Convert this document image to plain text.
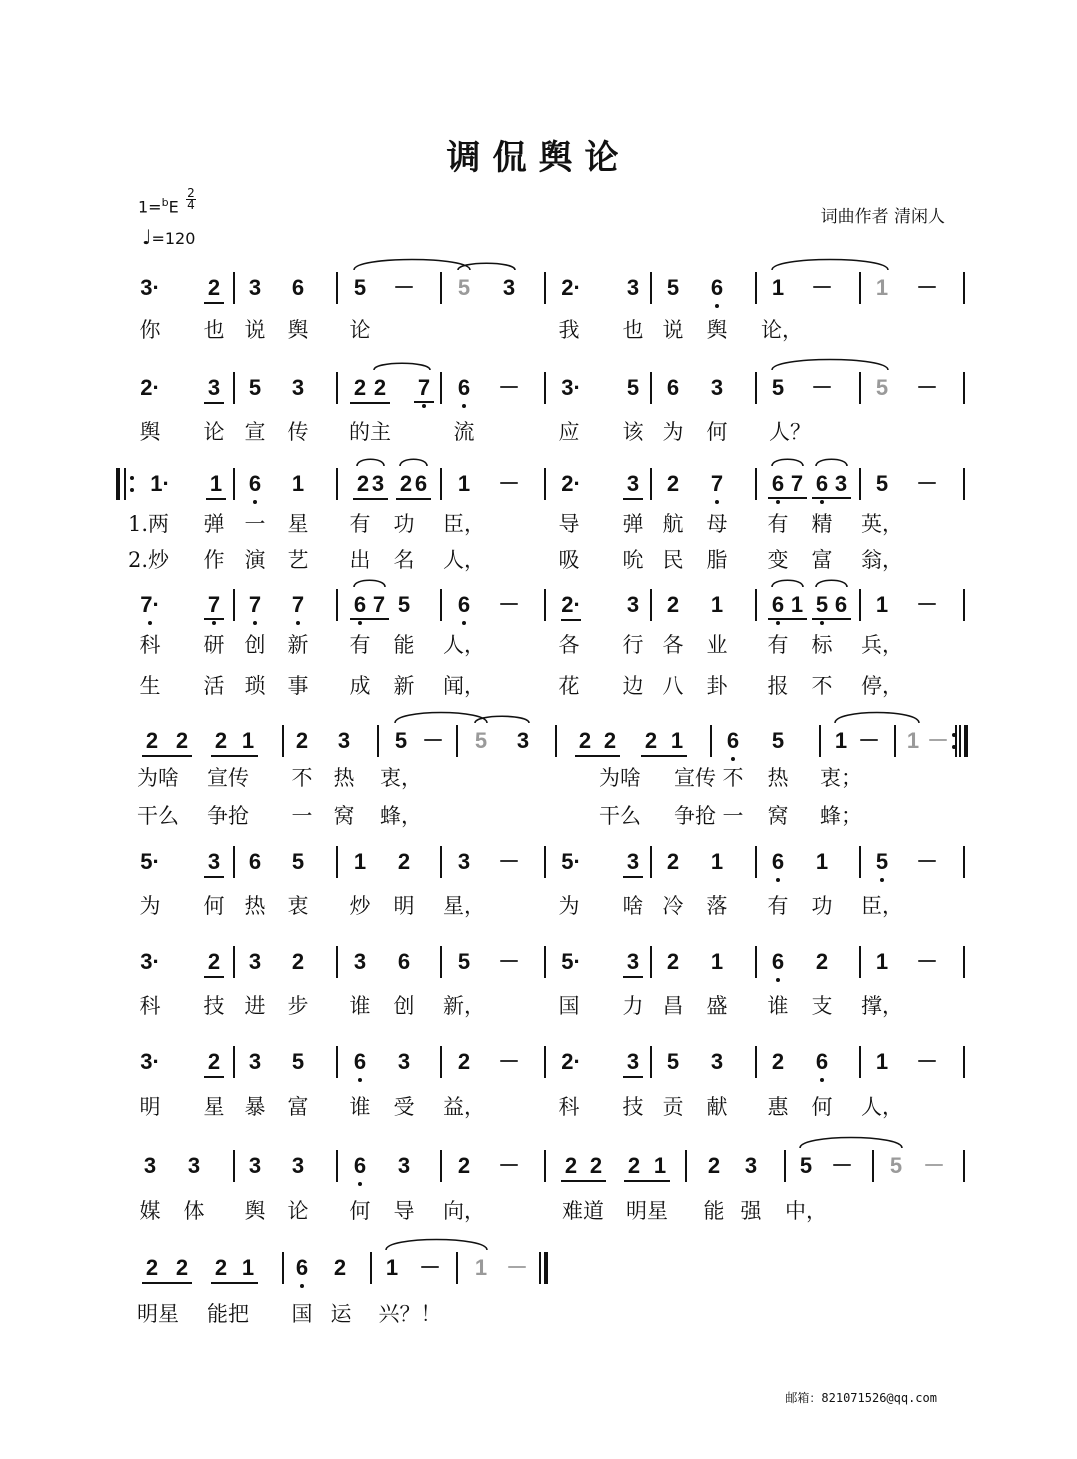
调侃舆论
1=$^b$E
2
4
♩=120
词曲作者 清闲人
3· 2 3 6 5 － 5 3 2· 3 5 6 1 － 1 －
你 也 说 舆 论	我 也 说 舆 论，
2· 3 5 3 2 2 7 6 － 3· 5 6 3 5 － 5 －
舆 论 宣 传 的主	流	应 该 为 何 人？
1· 1 6 1 2 3 2 6 1 － 2· 3 2 7 6 7 6 3 5 －
1.两 弹 一 星 有 功 臣，	导 弹 航 母 有 精 英，
2.炒 作 演 艺 出 名 人，	吸 吮 民 脂 变 富 翁，
7· 7 7 7 6 7 5 6 － 2· 3 2 1 6 1 5 6 1 －
科 研 创 新 有 能 人，	各 行 各 业 有 标 兵，
生 活 琐 事 成 新 闻，	花 边 八 卦 报 不 停，
2 2 2 1 2 3 5 － 5 3 2 2 2 1 6 5 1 － 1 －
为啥 宣传 不 热 衷，	为啥 宣传 不 热 衷；
干么 争抢 一 窝 蜂，	干么 争抢 一 窝 蜂；
5· 3 6 5 1 2 3 － 5· 3 2 1 6 1 5 －
为 何 热 衷 炒 明 星，	为 啥 冷 落 有 功 臣，
3· 2 3 2 3 6 5 － 5· 3 2 1 6 2 1 －
科 技 进 步 谁 创 新，	国 力 昌 盛 谁 支 撑，
3· 2 3 5 6 3 2 － 2· 3 5 3 2 6 1 －
明 星 暴 富 谁 受 益，	科 技 贡 献 惠 何 人，
3 3 3 3 6 3 2 － 2 2 2 1 2 3 5 － 5 －
媒 体 舆 论 何 导 向，	难道 明星 能 强 中，
2 2 2 1 6 2 1 － 1 －
明星 能把 国 运 兴？！
邮箱：821071526@qq.com
